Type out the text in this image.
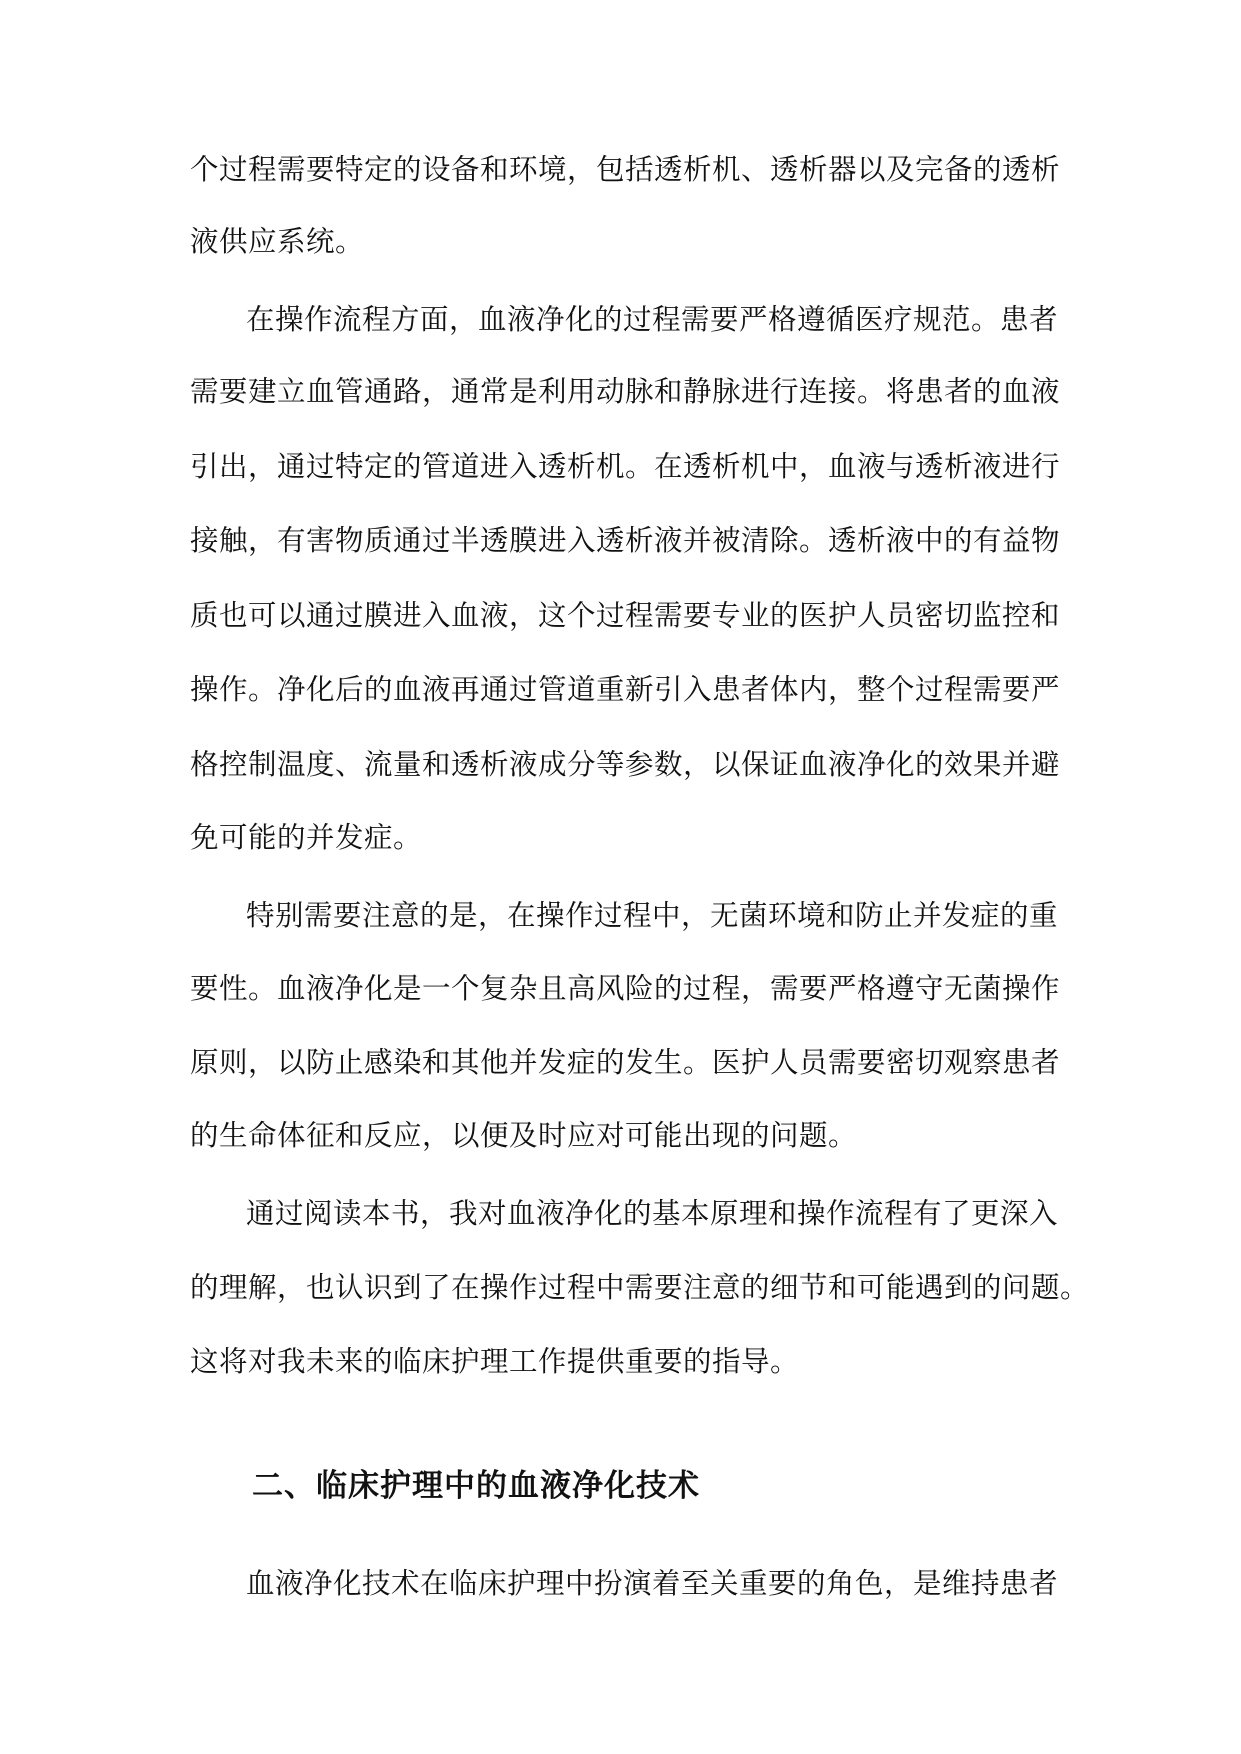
个过程需要特定的设备和环境，包括透析机、透析器以及完备的透析
液供应系统。
在操作流程方面，血液净化的过程需要严格遵循医疗规范。患者
需要建立血管通路，通常是利用动脉和静脉进行连接。将患者的血液
引出，通过特定的管道进入透析机。在透析机中，血液与透析液进行
接触，有害物质通过半透膜进入透析液并被清除。透析液中的有益物
质也可以通过膜进入血液，这个过程需要专业的医护人员密切监控和
操作。净化后的血液再通过管道重新引入患者体内，整个过程需要严
格控制温度、流量和透析液成分等参数，以保证血液净化的效果并避
免可能的并发症。
特别需要注意的是，在操作过程中，无菌环境和防止并发症的重
要性。血液净化是一个复杂且高风险的过程，需要严格遵守无菌操作
原则，以防止感染和其他并发症的发生。医护人员需要密切观察患者
的生命体征和反应，以便及时应对可能出现的问题。
通过阅读本书，我对血液净化的基本原理和操作流程有了更深入
的理解，也认识到了在操作过程中需要注意的细节和可能遇到的问题。
这将对我未来的临床护理工作提供重要的指导。
二、临床护理中的血液净化技术
血液净化技术在临床护理中扮演着至关重要的角色，是维持患者
